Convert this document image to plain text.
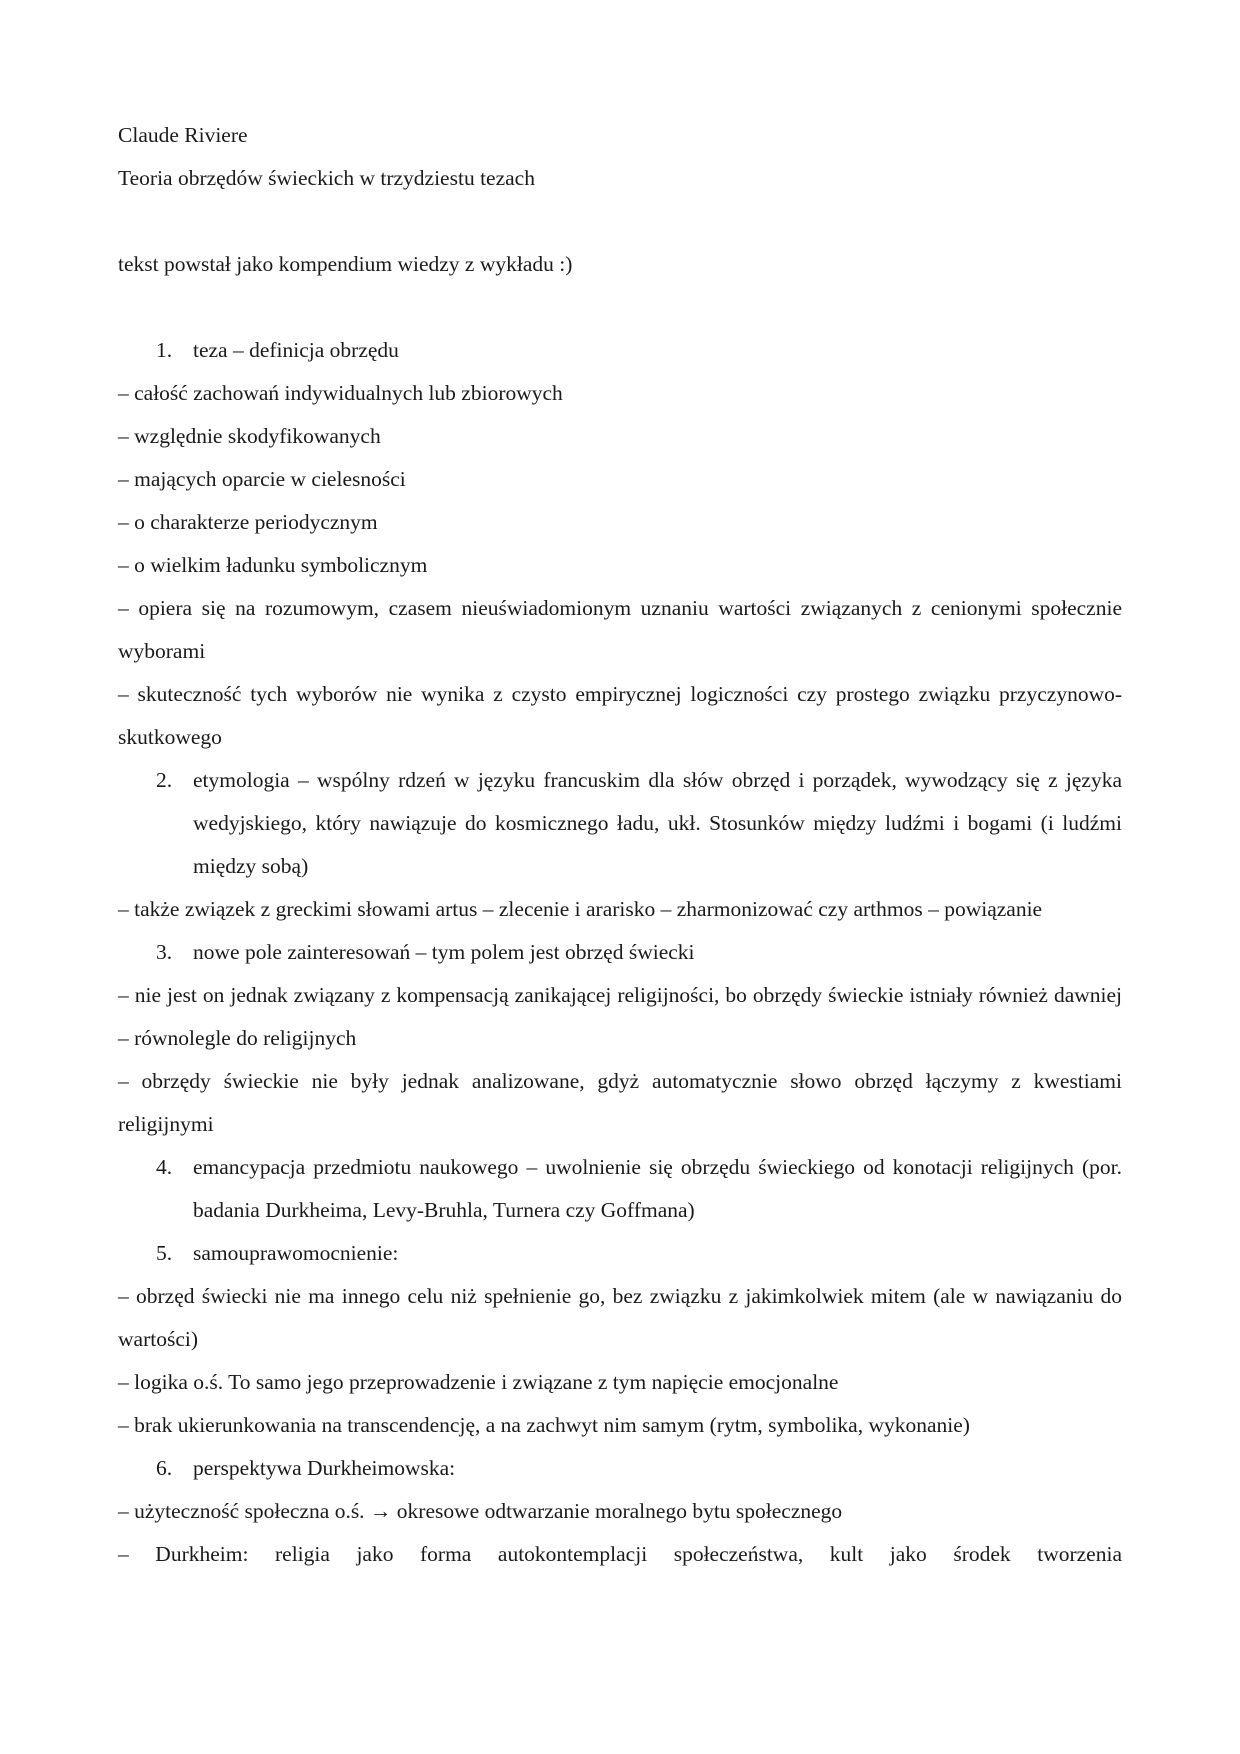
Claude Riviere
Teoria obrzędów świeckich w trzydziestu tezach
tekst powstał jako kompendium wiedzy z wykładu :)
1. teza – definicja obrzędu
– całość zachowań indywidualnych lub zbiorowych
– względnie skodyfikowanych
– mających oparcie w cielesności
– o charakterze periodycznym
– o wielkim ładunku symbolicznym
– opiera się na rozumowym, czasem nieuświadomionym uznaniu wartości związanych z cenionymi społecznie wyborami
– skuteczność tych wyborów nie wynika z czysto empirycznej logiczności czy prostego związku przyczynowo-skutkowego
2. etymologia – wspólny rdzeń w języku francuskim dla słów obrzęd i porządek, wywodzący się z języka wedyjskiego, który nawiązuje do kosmicznego ładu, ukł. Stosunków między ludźmi i bogami (i ludźmi między sobą)
– także związek z greckimi słowami artus – zlecenie i ararisko – zharmonizować czy arthmos – powiązanie
3. nowe pole zainteresowań – tym polem jest obrzęd świecki
– nie jest on jednak związany z kompensacją zanikającej religijności, bo obrzędy świeckie istniały również dawniej – równolegle do religijnych
– obrzędy świeckie nie były jednak analizowane, gdyż automatycznie słowo obrzęd łączymy z kwestiami religijnymi
4. emancypacja przedmiotu naukowego – uwolnienie się obrzędu świeckiego od konotacji religijnych (por. badania Durkheima, Levy-Bruhla, Turnera czy Goffmana)
5. samouprawomocnienie:
– obrzęd świecki nie ma innego celu niż spełnienie go, bez związku z jakimkolwiek mitem (ale w nawiązaniu do wartości)
– logika o.ś. To samo jego przeprowadzenie i związane z tym napięcie emocjonalne
– brak ukierunkowania na transcendencję, a na zachwyt nim samym (rytm, symbolika, wykonanie)
6. perspektywa Durkheimowska:
– użyteczność społeczna o.ś. → okresowe odtwarzanie moralnego bytu społecznego
– Durkheim: religia jako forma autokontemplacji społeczeństwa, kult jako środek tworzenia
